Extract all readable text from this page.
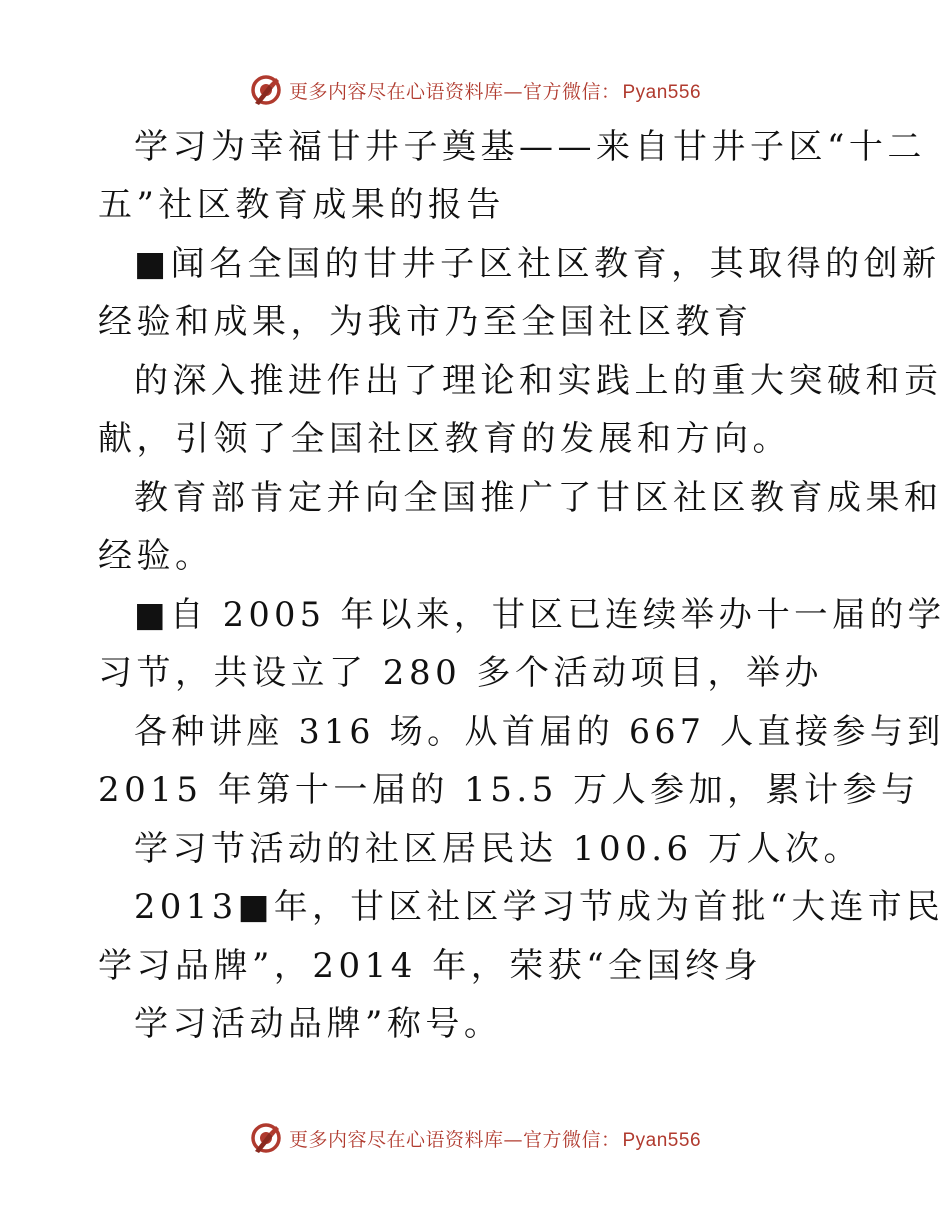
更多内容尽在心语资料库—官方微信： Pyan556
学习为幸福甘井子奠基——来自甘井子区“十二
五”社区教育成果的报告
■闻名全国的甘井子区社区教育，其取得的创新
经验和成果，为我市乃至全国社区教育
的深入推进作出了理论和实践上的重大突破和贡
献，引领了全国社区教育的发展和方向。
教育部肯定并向全国推广了甘区社区教育成果和
经验。
■自 2005 年以来，甘区已连续举办十一届的学
习节，共设立了 280 多个活动项目，举办
各种讲座 316 场。从首届的 667 人直接参与到
2015 年第十一届的 15.5 万人参加，累计参与
学习节活动的社区居民达 100.6 万人次。
2013■年，甘区社区学习节成为首批“大连市民
学习品牌”，2014 年，荣获“全国终身
学习活动品牌”称号。
更多内容尽在心语资料库—官方微信： Pyan556
